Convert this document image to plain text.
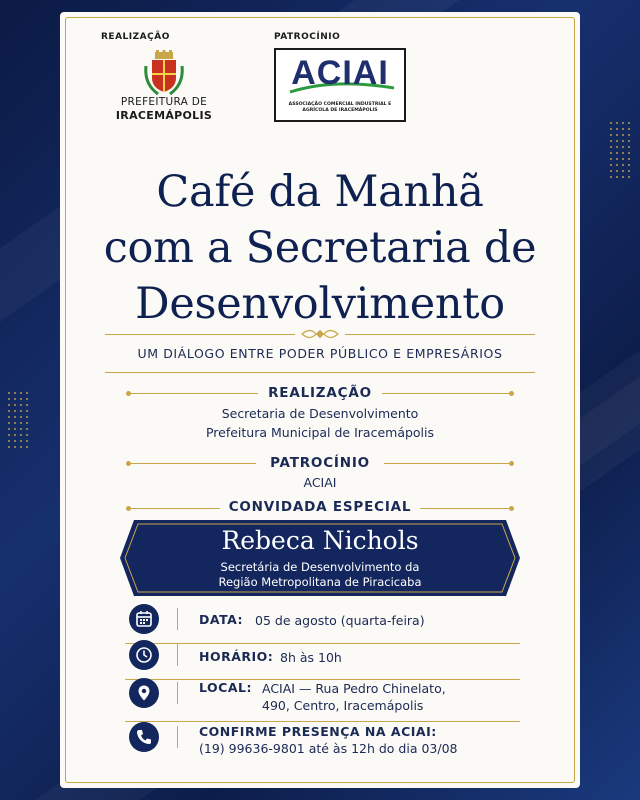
REALIZAÇÃO	PATROCÍNIO
PREFEITURA DE
IRACEMÁPOLIS
ACIAI
ASSOCIAÇÃO COMERCIAL INDUSTRIAL E AGRÍCOLA DE IRACEMÁPOLIS
Café da Manhã
com a Secretaria de
Desenvolvimento
UM DIÁLOGO ENTRE PODER PÚBLICO E EMPRESÁRIOS
REALIZAÇÃO
Secretaria de Desenvolvimento
Prefeitura Municipal de Iracemápolis
PATROCÍNIO
ACIAI
CONVIDADA ESPECIAL
Rebeca Nichols
Secretária de Desenvolvimento da
Região Metropolitana de Piracicaba
DATA: 05 de agosto (quarta-feira)
HORÁRIO: 8h às 10h
LOCAL: ACIAI — Rua Pedro Chinelato,
490, Centro, Iracemápolis
CONFIRME PRESENÇA NA ACIAI:
(19) 99636-9801 até às 12h do dia 03/08
